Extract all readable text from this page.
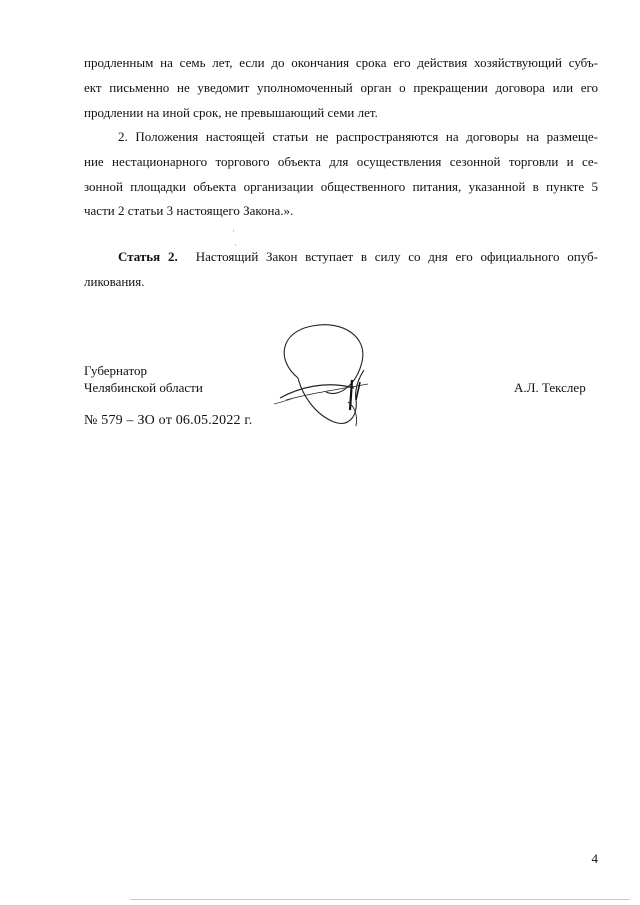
продленным на семь лет, если до окончания срока его действия хозяйствующий субъ-
ект письменно не уведомит уполномоченный орган о прекращении договора или его
продлении на иной срок, не превышающий семи лет.
2. Положения настоящей статьи не распространяются на договоры на размеще-
ние нестационарного торгового объекта для осуществления сезонной торговли и се-
зонной площадки объекта организации общественного питания, указанной в пункте 5
части 2 статьи 3 настоящего Закона.».
·
·
Статья 2. Настоящий Закон вступает в силу со дня его официального опуб-
ликования.
Губернатор
Челябинской области	А.Л. Текслер
№ 579 – ЗО от 06.05.2022 г.
4
